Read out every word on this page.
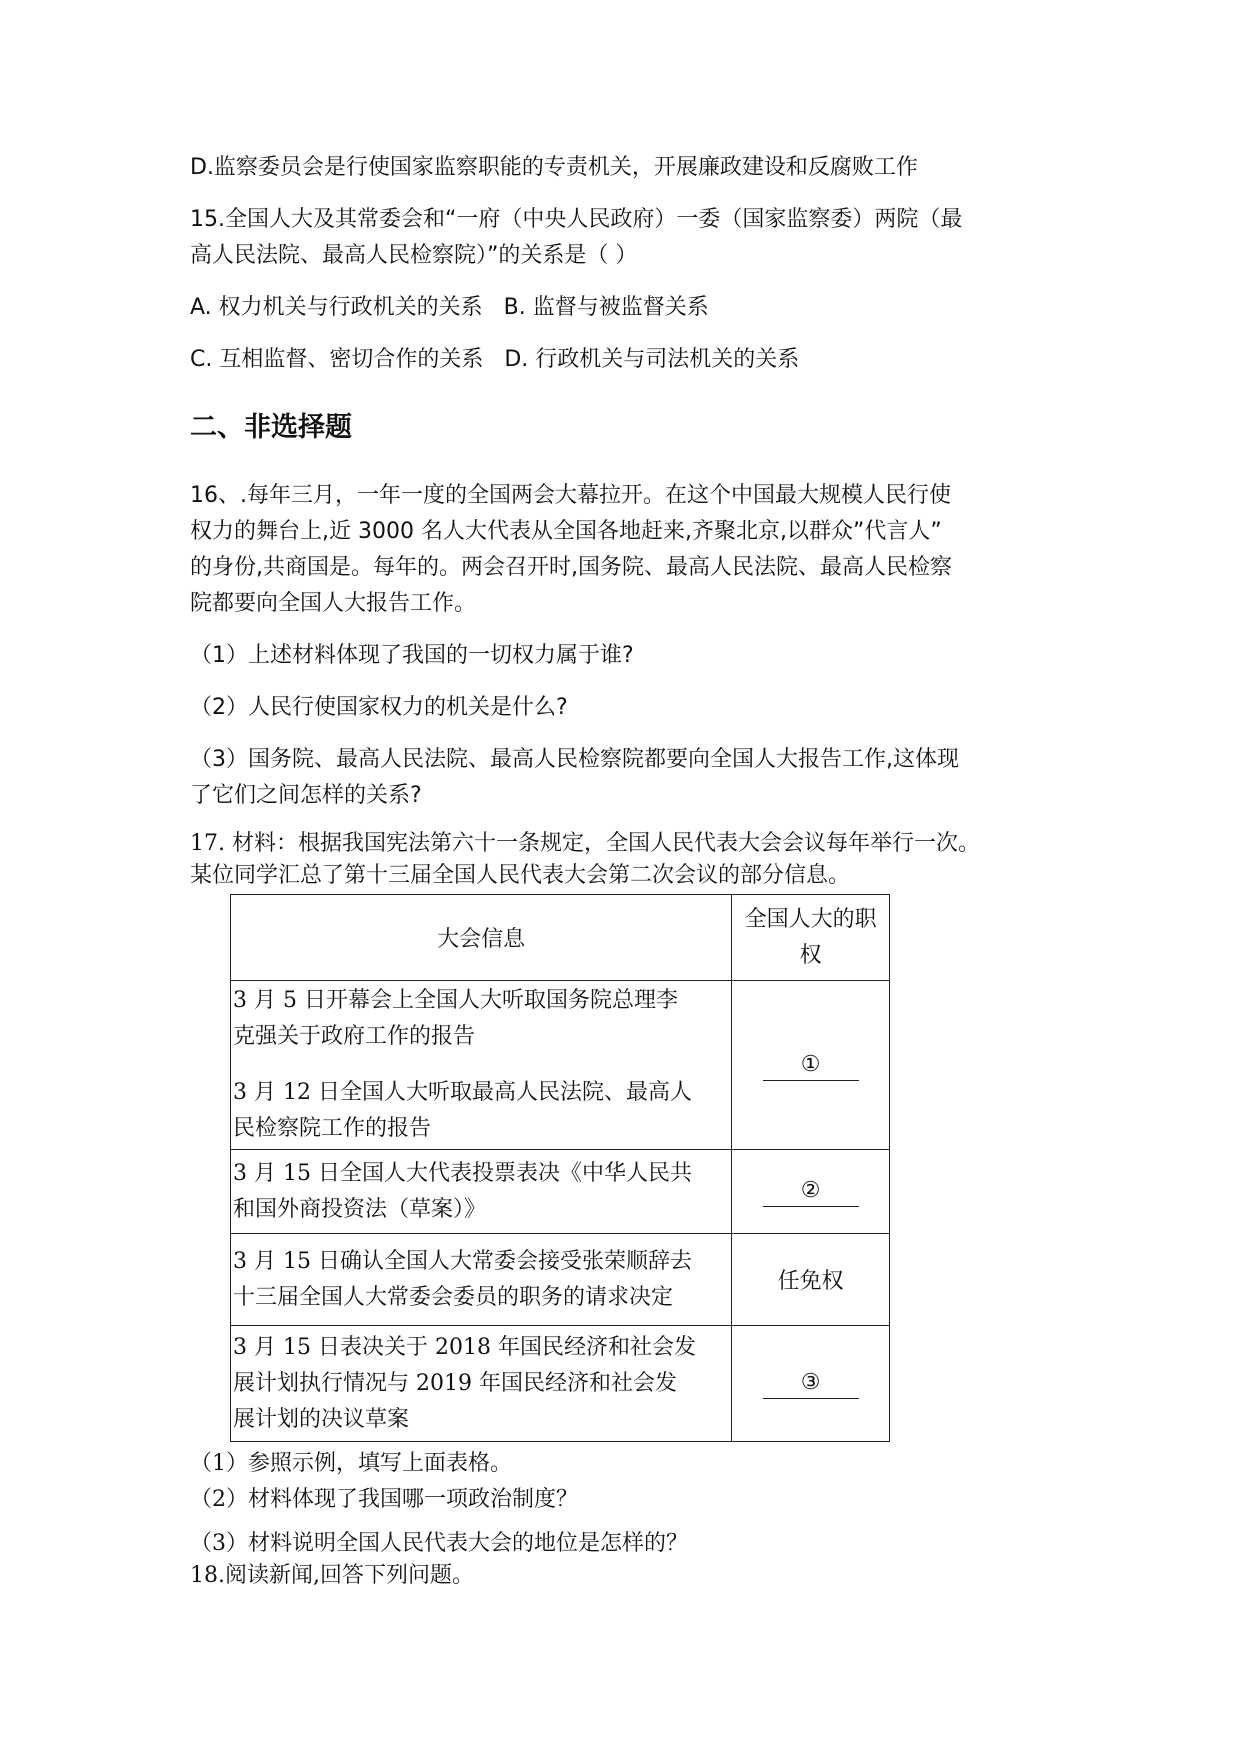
D.监察委员会是行使国家监察职能的专责机关，开展廉政建设和反腐败工作
15.全国人大及其常委会和“一府（中央人民政府）一委（国家监察委）两院（最
高人民法院、最高人民检察院）”的关系是（ ）
A. 权力机关与行政机关的关系 B. 监督与被监督关系
C. 互相监督、密切合作的关系 D. 行政机关与司法机关的关系
二、非选择题
16、.每年三月，一年一度的全国两会大幕拉开。在这个中国最大规模人民行使
权力的舞台上,近 3000 名人大代表从全国各地赶来,齐聚北京,以群众”代言人”
的身份,共商国是。每年的。两会召开时,国务院、最高人民法院、最高人民检察
院都要向全国人大报告工作。
（1）上述材料体现了我国的一切权力属于谁?
（2）人民行使国家权力的机关是什么?
（3）国务院、最高人民法院、最高人民检察院都要向全国人大报告工作,这体现
了它们之间怎样的关系?
17. 材料：根据我国宪法第六十一条规定，全国人民代表大会会议每年举行一次。
某位同学汇总了第十三届全国人民代表大会第二次会议的部分信息。
大会信息	全国人大的职
权

3 月 5 日开幕会上全国人大听取国务院总理李
克强关于政府工作的报告
3 月 12 日全国人大听取最高人民法院、最高人
民检察院工作的报告	①

3 月 15 日全国人大代表投票表决《中华人民共
和国外商投资法（草案）》	②

3 月 15 日确认全国人大常委会接受张荣顺辞去
十三届全国人大常委会委员的职务的请求决定	任免权

3 月 15 日表决关于 2018 年国民经济和社会发
展计划执行情况与 2019 年国民经济和社会发
展计划的决议草案	③
（1）参照示例，填写上面表格。
（2）材料体现了我国哪一项政治制度？
（3）材料说明全国人民代表大会的地位是怎样的？
18.阅读新闻,回答下列问题。
